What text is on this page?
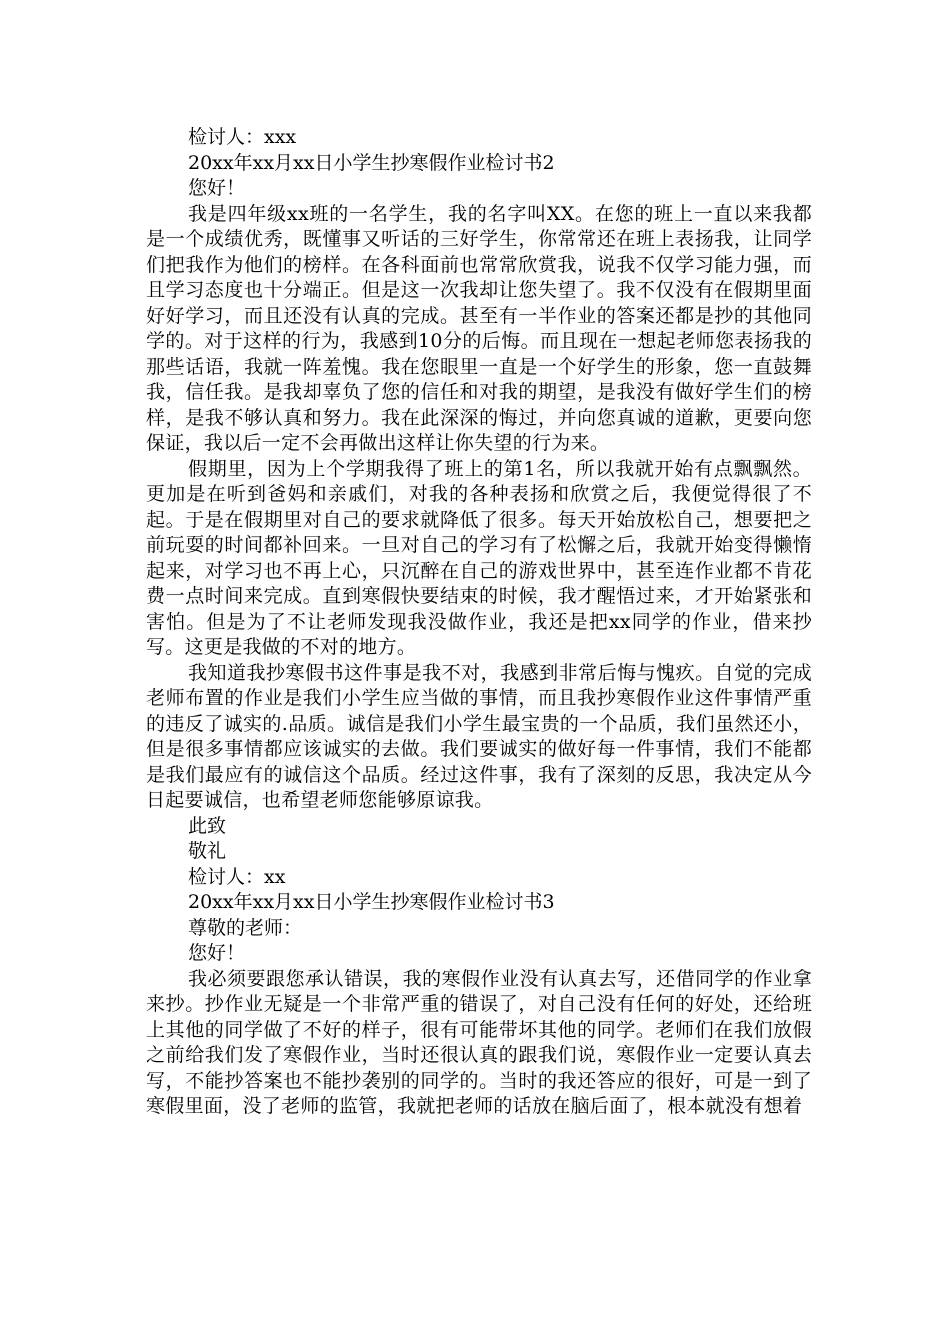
检讨人：xxx

20xx年xx月xx日小学生抄寒假作业检讨书2

您好！

我是四年级xx班的一名学生，我的名字叫XX。在您的班上一直以来我都是一个成绩优秀，既懂事又听话的三好学生，你常常还在班上表扬我，让同学们把我作为他们的榜样。在各科面前也常常欣赏我，说我不仅学习能力强，而且学习态度也十分端正。但是这一次我却让您失望了。我不仅没有在假期里面好好学习，而且还没有认真的完成。甚至有一半作业的答案还都是抄的其他同学的。对于这样的行为，我感到10分的后悔。而且现在一想起老师您表扬我的那些话语，我就一阵羞愧。我在您眼里一直是一个好学生的形象，您一直鼓舞我，信任我。是我却辜负了您的信任和对我的期望，是我没有做好学生们的榜样，是我不够认真和努力。我在此深深的悔过，并向您真诚的道歉，更要向您保证，我以后一定不会再做出这样让你失望的行为来。

假期里，因为上个学期我得了班上的第1名，所以我就开始有点飘飘然。更加是在听到爸妈和亲戚们，对我的各种表扬和欣赏之后，我便觉得很了不起。于是在假期里对自己的要求就降低了很多。每天开始放松自己，想要把之前玩耍的时间都补回来。一旦对自己的学习有了松懈之后，我就开始变得懒惰起来，对学习也不再上心，只沉醉在自己的游戏世界中，甚至连作业都不肯花费一点时间来完成。直到寒假快要结束的时候，我才醒悟过来，才开始紧张和害怕。但是为了不让老师发现我没做作业，我还是把xx同学的作业，借来抄写。这更是我做的不对的地方。

我知道我抄寒假书这件事是我不对，我感到非常后悔与愧疚。自觉的完成老师布置的作业是我们小学生应当做的事情，而且我抄寒假作业这件事情严重的违反了诚实的.品质。诚信是我们小学生最宝贵的一个品质，我们虽然还小，但是很多事情都应该诚实的去做。我们要诚实的做好每一件事情，我们不能都是我们最应有的诚信这个品质。经过这件事，我有了深刻的反思，我决定从今日起要诚信，也希望老师您能够原谅我。

此致

敬礼

检讨人：xx

20xx年xx月xx日小学生抄寒假作业检讨书3

尊敬的老师：

您好！

我必须要跟您承认错误，我的寒假作业没有认真去写，还借同学的作业拿来抄。抄作业无疑是一个非常严重的错误了，对自己没有任何的好处，还给班上其他的同学做了不好的样子，很有可能带坏其他的同学。老师们在我们放假之前给我们发了寒假作业，当时还很认真的跟我们说，寒假作业一定要认真去写，不能抄答案也不能抄袭别的同学的。当时的我还答应的很好，可是一到了寒假里面，没了老师的监管，我就把老师的话放在脑后面了，根本就没有想着
